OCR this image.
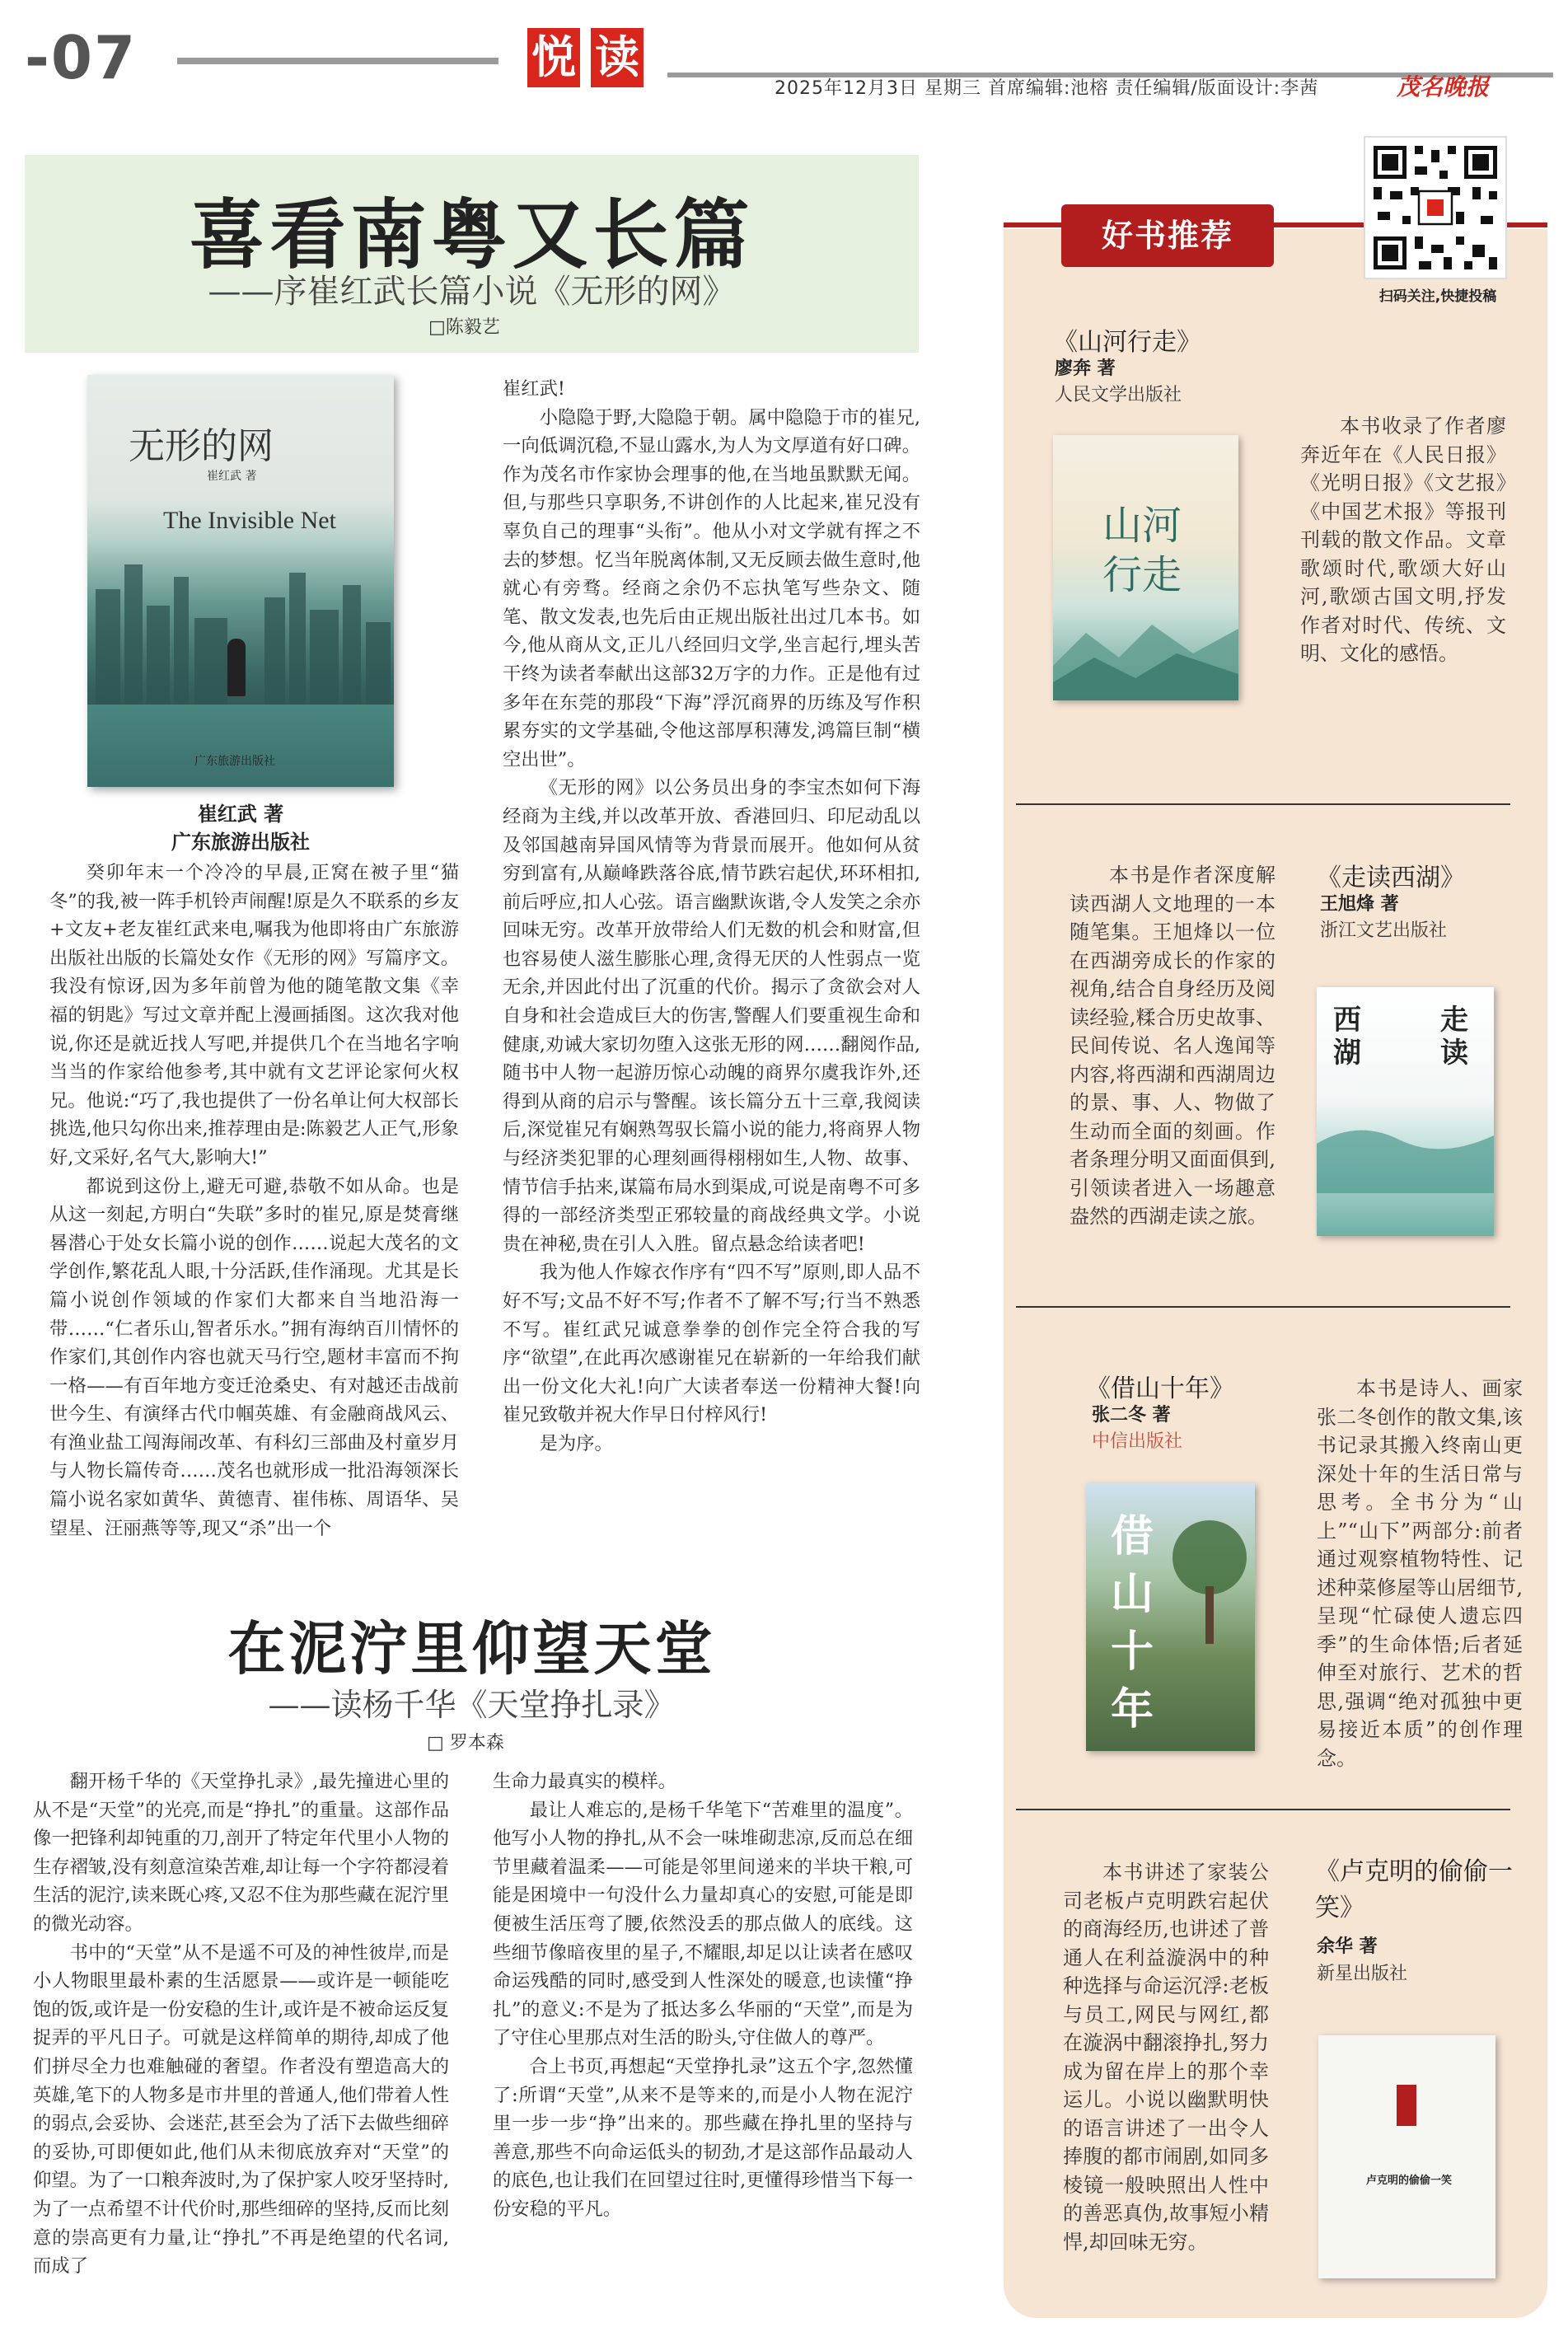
-07	悦 读
2025年12月3日 星期三 首席编辑:池榕 责任编辑/版面设计:李茜	茂名晚报
喜看南粤又长篇
——序崔红武长篇小说《无形的网》
□陈毅艺
无形的网
崔红武 著
The Invisible Net
广东旅游出版社
崔红武 著
广东旅游出版社

癸卯年末一个冷冷的早晨,正窝在被子里“猫冬”的我,被一阵手机铃声闹醒!原是久不联系的乡友+文友+老友崔红武来电,嘱我为他即将由广东旅游出版社出版的长篇处女作《无形的网》写篇序文。我没有惊讶,因为多年前曾为他的随笔散文集《幸福的钥匙》写过文章并配上漫画插图。这次我对他说,你还是就近找人写吧,并提供几个在当地名字响当当的作家给他参考,其中就有文艺评论家何火权兄。他说:“巧了,我也提供了一份名单让何大权部长挑选,他只勾你出来,推荐理由是:陈毅艺人正气,形象好,文采好,名气大,影响大!”

都说到这份上,避无可避,恭敬不如从命。也是从这一刻起,方明白“失联”多时的崔兄,原是焚膏继晷潜心于处女长篇小说的创作……说起大茂名的文学创作,繁花乱人眼,十分活跃,佳作涌现。尤其是长篇小说创作领域的作家们大都来自当地沿海一带……“仁者乐山,智者乐水。”拥有海纳百川情怀的作家们,其创作内容也就天马行空,题材丰富而不拘一格——有百年地方变迁沧桑史、有对越还击战前世今生、有演绎古代巾帼英雄、有金融商战风云、有渔业盐工闯海闹改革、有科幻三部曲及村童岁月与人物长篇传奇……茂名也就形成一批沿海领深长篇小说名家如黄华、黄德青、崔伟栋、周语华、吴望星、汪丽燕等等,现又“杀”出一个

崔红武!

小隐隐于野,大隐隐于朝。属中隐隐于市的崔兄,一向低调沉稳,不显山露水,为人为文厚道有好口碑。作为茂名市作家协会理事的他,在当地虽默默无闻。但,与那些只享职务,不讲创作的人比起来,崔兄没有辜负自己的理事“头衔”。他从小对文学就有挥之不去的梦想。忆当年脱离体制,又无反顾去做生意时,他就心有旁骛。经商之余仍不忘执笔写些杂文、随笔、散文发表,也先后由正规出版社出过几本书。如今,他从商从文,正儿八经回归文学,坐言起行,埋头苦干终为读者奉献出这部32万字的力作。正是他有过多年在东莞的那段“下海”浮沉商界的历练及写作积累夯实的文学基础,令他这部厚积薄发,鸿篇巨制“横空出世”。

《无形的网》以公务员出身的李宝杰如何下海经商为主线,并以改革开放、香港回归、印尼动乱以及邻国越南异国风情等为背景而展开。他如何从贫穷到富有,从巅峰跌落谷底,情节跌宕起伏,环环相扣,前后呼应,扣人心弦。语言幽默诙谐,令人发笑之余亦回味无穷。改革开放带给人们无数的机会和财富,但也容易使人滋生膨胀心理,贪得无厌的人性弱点一览无余,并因此付出了沉重的代价。揭示了贪欲会对人自身和社会造成巨大的伤害,警醒人们要重视生命和健康,劝诫大家切勿堕入这张无形的网……翻阅作品,随书中人物一起游历惊心动魄的商界尔虞我诈外,还得到从商的启示与警醒。该长篇分五十三章,我阅读后,深觉崔兄有娴熟驾驭长篇小说的能力,将商界人物与经济类犯罪的心理刻画得栩栩如生,人物、故事、情节信手拈来,谋篇布局水到渠成,可说是南粤不可多得的一部经济类型正邪较量的商战经典文学。小说贵在神秘,贵在引人入胜。留点悬念给读者吧!

我为他人作嫁衣作序有“四不写”原则,即人品不好不写;文品不好不写;作者不了解不写;行当不熟悉不写。崔红武兄诚意拳拳的创作完全符合我的写序“欲望”,在此再次感谢崔兄在崭新的一年给我们献出一份文化大礼!向广大读者奉送一份精神大餐!向崔兄致敬并祝大作早日付梓风行!

是为序。

在泥泞里仰望天堂
——读杨千华《天堂挣扎录》
□ 罗本森

翻开杨千华的《天堂挣扎录》,最先撞进心里的从不是“天堂”的光亮,而是“挣扎”的重量。这部作品像一把锋利却钝重的刀,剖开了特定年代里小人物的生存褶皱,没有刻意渲染苦难,却让每一个字符都浸着生活的泥泞,读来既心疼,又忍不住为那些藏在泥泞里的微光动容。

书中的“天堂”从不是遥不可及的神性彼岸,而是小人物眼里最朴素的生活愿景——或许是一顿能吃饱的饭,或许是一份安稳的生计,或许是不被命运反复捉弄的平凡日子。可就是这样简单的期待,却成了他们拼尽全力也难触碰的奢望。作者没有塑造高大的英雄,笔下的人物多是市井里的普通人,他们带着人性的弱点,会妥协、会迷茫,甚至会为了活下去做些细碎的妥协,可即便如此,他们从未彻底放弃对“天堂”的仰望。为了一口粮奔波时,为了保护家人咬牙坚持时,为了一点希望不计代价时,那些细碎的坚持,反而比刻意的崇高更有力量,让“挣扎”不再是绝望的代名词,而成了

生命力最真实的模样。

最让人难忘的,是杨千华笔下“苦难里的温度”。他写小人物的挣扎,从不会一味堆砌悲凉,反而总在细节里藏着温柔——可能是邻里间递来的半块干粮,可能是困境中一句没什么力量却真心的安慰,可能是即便被生活压弯了腰,依然没丢的那点做人的底线。这些细节像暗夜里的星子,不耀眼,却足以让读者在感叹命运残酷的同时,感受到人性深处的暖意,也读懂“挣扎”的意义:不是为了抵达多么华丽的“天堂”,而是为了守住心里那点对生活的盼头,守住做人的尊严。

合上书页,再想起“天堂挣扎录”这五个字,忽然懂了:所谓“天堂”,从来不是等来的,而是小人物在泥泞里一步一步“挣”出来的。那些藏在挣扎里的坚持与善意,那些不向命运低头的韧劲,才是这部作品最动人的底色,也让我们在回望过往时,更懂得珍惜当下每一份安稳的平凡。

好书推荐
扫码关注,快捷投稿
《山河行走》
廖奔 著
人民文学出版社
山河行走

本书收录了作者廖奔近年在《人民日报》《光明日报》《文艺报》《中国艺术报》等报刊刊载的散文作品。文章歌颂时代,歌颂大好山河,歌颂古国文明,抒发作者对时代、传统、文明、文化的感悟。

本书是作者深度解读西湖人文地理的一本随笔集。王旭烽以一位在西湖旁成长的作家的视角,结合自身经历及阅读经验,糅合历史故事、民间传说、名人逸闻等内容,将西湖和西湖周边的景、事、人、物做了生动而全面的刻画。作者条理分明又面面俱到,引领读者进入一场趣意盎然的西湖走读之旅。

《走读西湖》
王旭烽 著
浙江文艺出版社
西湖
走读
《借山十年》
张二冬 著
中信出版社
借山十年

本书是诗人、画家张二冬创作的散文集,该书记录其搬入终南山更深处十年的生活日常与思考。全书分为“山上”“山下”两部分:前者通过观察植物特性、记述种菜修屋等山居细节,呈现“忙碌使人遗忘四季”的生命体悟;后者延伸至对旅行、艺术的哲思,强调“绝对孤独中更易接近本质”的创作理念。

本书讲述了家装公司老板卢克明跌宕起伏的商海经历,也讲述了普通人在利益漩涡中的种种选择与命运沉浮:老板与员工,网民与网红,都在漩涡中翻滚挣扎,努力成为留在岸上的那个幸运儿。小说以幽默明快的语言讲述了一出令人捧腹的都市闹剧,如同多棱镜一般映照出人性中的善恶真伪,故事短小精悍,却回味无穷。

《卢克明的偷偷一笑》
余华 著
新星出版社
卢克明的偷偷一笑
